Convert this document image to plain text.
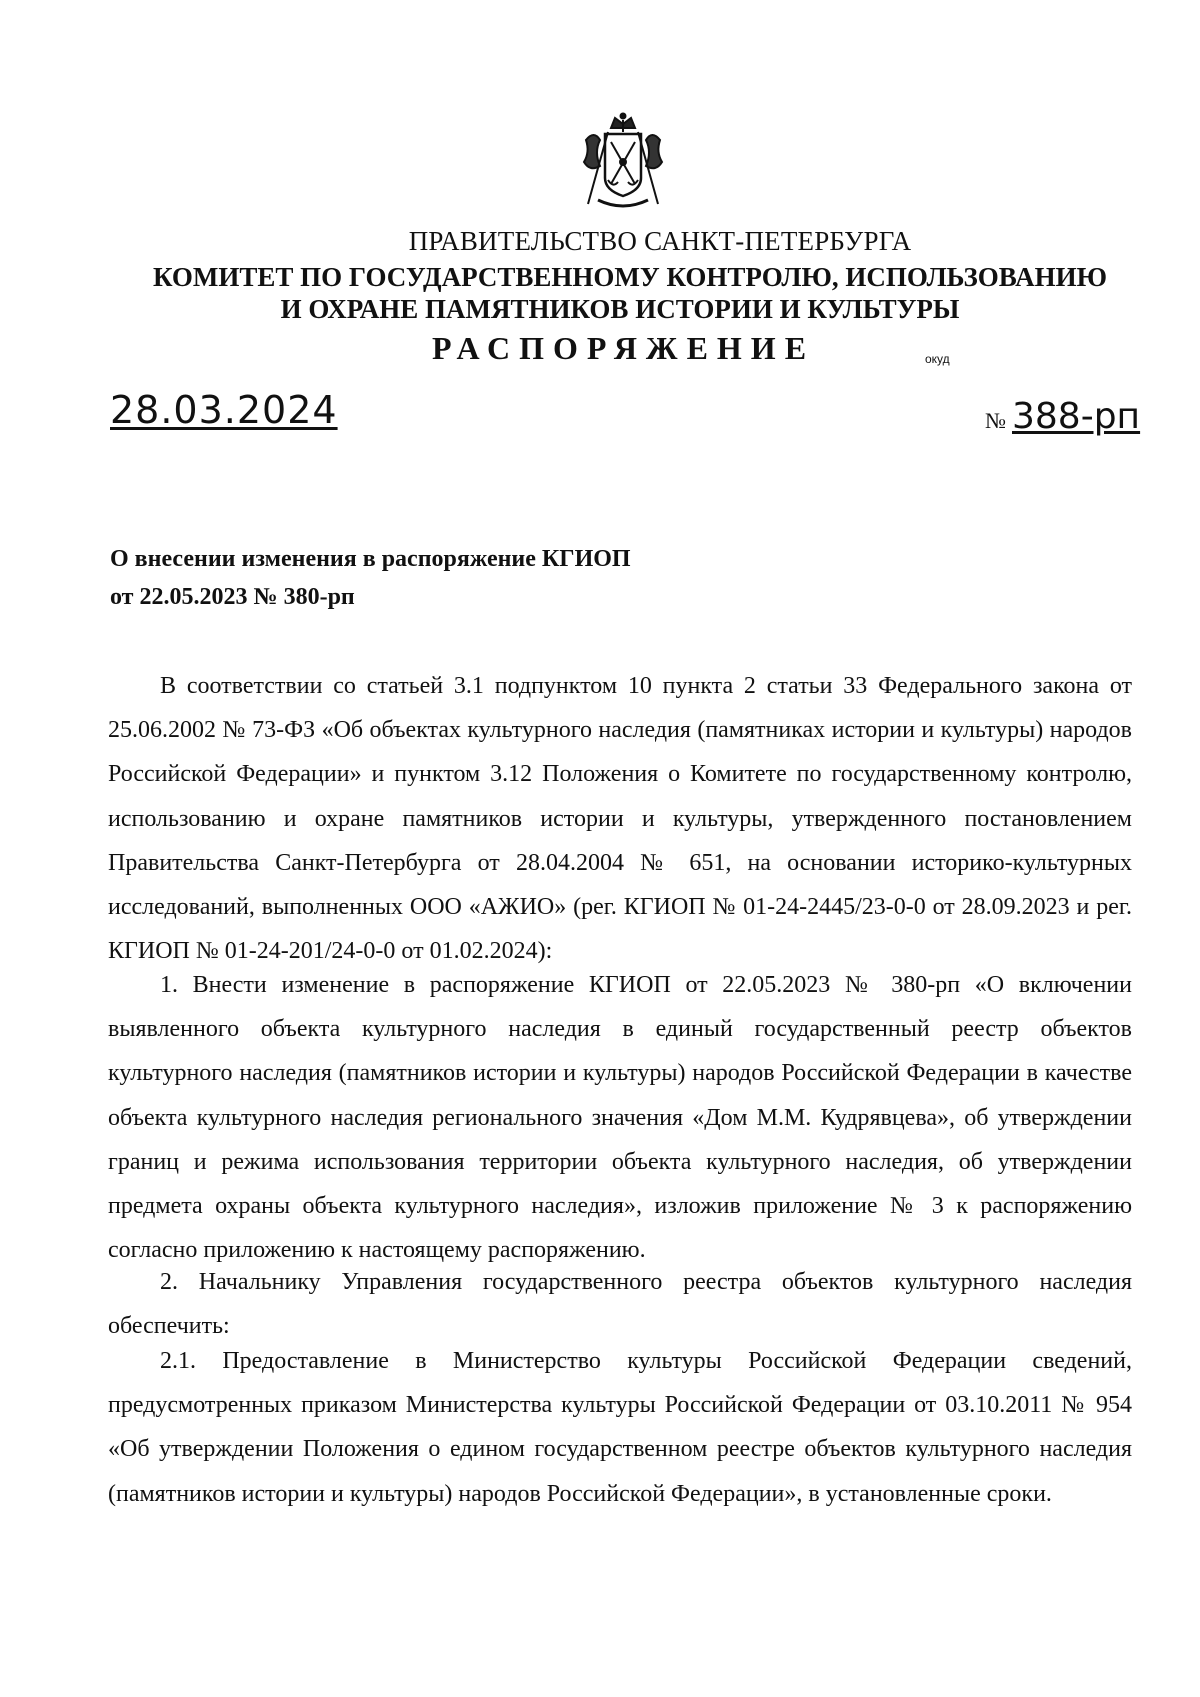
ПРАВИТЕЛЬСТВО САНКТ-ПЕТЕРБУРГА
КОМИТЕТ ПО ГОСУДАРСТВЕННОМУ КОНТРОЛЮ, ИСПОЛЬЗОВАНИЮ
И ОХРАНЕ ПАМЯТНИКОВ ИСТОРИИ И КУЛЬТУРЫ
РАСПОРЯЖЕНИЕ	окуд
28.03.2024	№ 388-рп
О внесении изменения в распоряжение КГИОП
от 22.05.2023 № 380-рп

В соответствии со статьей 3.1 подпунктом 10 пункта 2 статьи 33 Федерального закона от 25.06.2002 № 73-ФЗ «Об объектах культурного наследия (памятниках истории и культуры) народов Российской Федерации» и пунктом 3.12 Положения о Комитете по государственному контролю, использованию и охране памятников истории и культуры, утвержденного постановлением Правительства Санкт-Петербурга от 28.04.2004 № 651, на основании историко-культурных исследований, выполненных ООО «АЖИО» (рег. КГИОП № 01-24-2445/23-0-0 от 28.09.2023 и рег. КГИОП № 01-24-201/24-0-0 от 01.02.2024):

1. Внести изменение в распоряжение КГИОП от 22.05.2023 № 380-рп «О включении выявленного объекта культурного наследия в единый государственный реестр объектов культурного наследия (памятников истории и культуры) народов Российской Федерации в качестве объекта культурного наследия регионального значения «Дом М.М. Кудрявцева», об утверждении границ и режима использования территории объекта культурного наследия, об утверждении предмета охраны объекта культурного наследия», изложив приложение № 3 к распоряжению согласно приложению к настоящему распоряжению.

2. Начальнику Управления государственного реестра объектов культурного наследия обеспечить:

2.1. Предоставление в Министерство культуры Российской Федерации сведений, предусмотренных приказом Министерства культуры Российской Федерации от 03.10.2011 № 954 «Об утверждении Положения о едином государственном реестре объектов культурного наследия (памятников истории и культуры) народов Российской Федерации», в установленные сроки.
